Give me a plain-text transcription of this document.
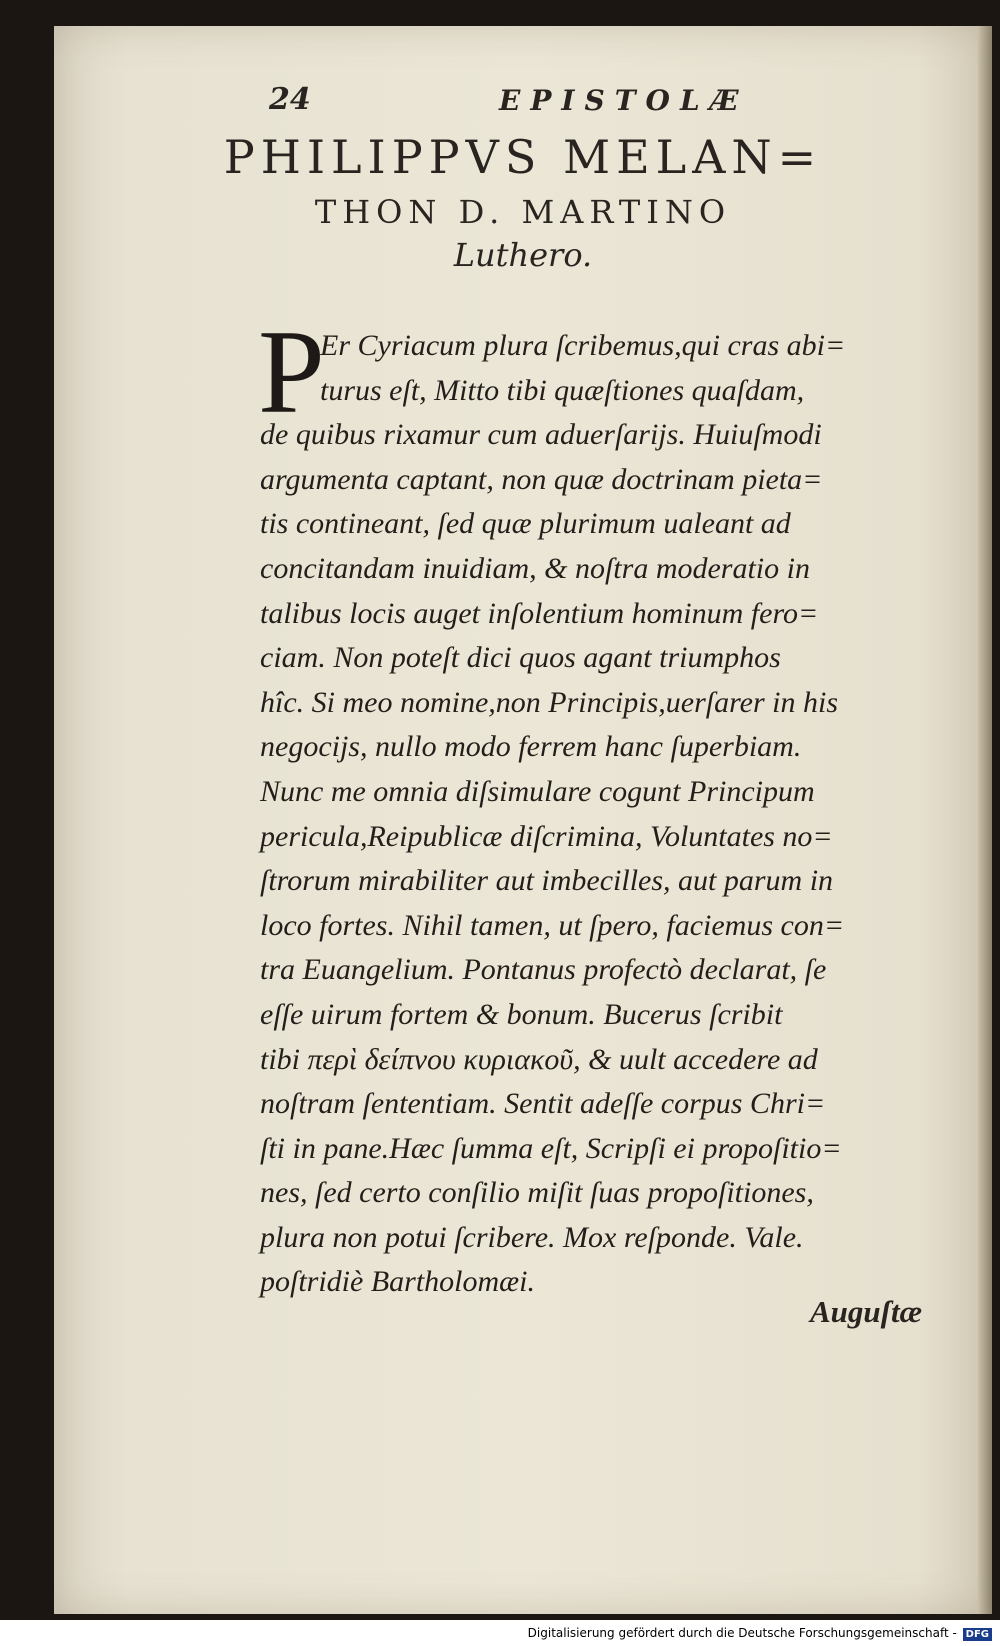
24	EPISTOLÆ
PHILIPPVS MELAN=
THON D. MARTINO
Luthero.
P
Er Cyriacum plura ſcribemus,qui cras abi=
turus eſt, Mitto tibi quæſtiones quaſdam,
de quibus rixamur cum aduerſarijs. Huiuſmodi
argumenta captant, non quæ doctrinam pieta=
tis contineant, ſed quæ plurimum ualeant ad
concitandam inuidiam, & noſtra moderatio in
talibus locis auget inſolentium hominum fero=
ciam. Non poteſt dici quos agant triumphos
hîc. Si meo nomine,non Principis,uerſarer in his
negocijs, nullo modo ferrem hanc ſuperbiam.
Nunc me omnia diſsimulare cogunt Principum
pericula,Reipublicæ diſcrimina, Voluntates no=
ſtrorum mirabiliter aut imbecilles, aut parum in
loco fortes. Nihil tamen, ut ſpero, faciemus con=
tra Euangelium. Pontanus profectò declarat, ſe
eſſe uirum fortem & bonum. Bucerus ſcribit
tibi περὶ δείπνου κυριακοῦ, & uult accedere ad
noſtram ſententiam. Sentit adeſſe corpus Chri=
ſti in pane.Hæc ſumma eſt, Scripſi ei propoſitio=
nes, ſed certo conſilio miſit ſuas propoſitiones,
plura non potui ſcribere. Mox reſponde. Vale.
poſtridiè Bartholomæi.
Auguſtæ
Digitalisierung gefördert durch die Deutsche Forschungsgemeinschaft - DFG
